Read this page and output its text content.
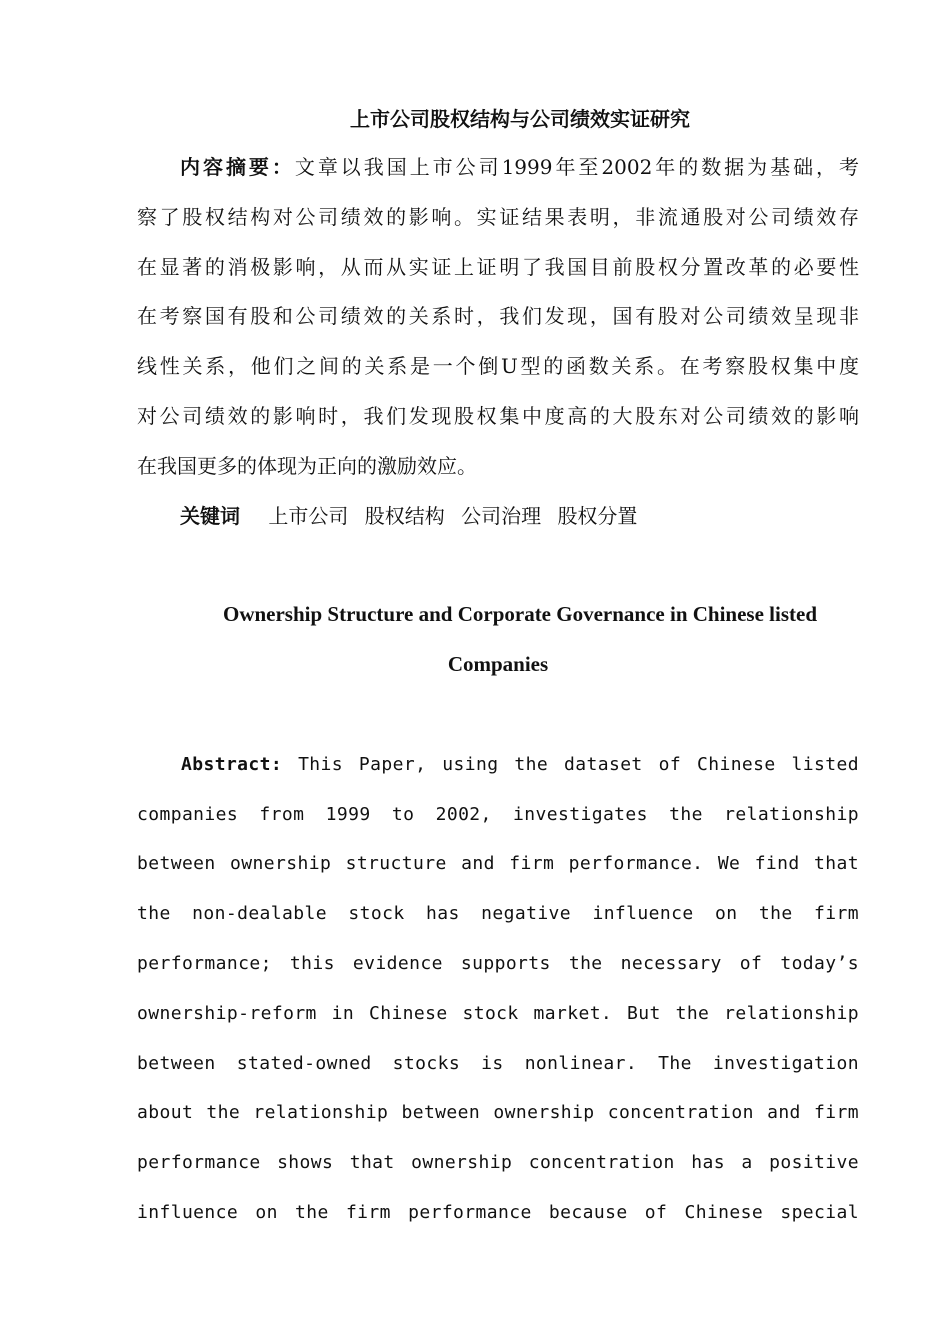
上市公司股权结构与公司绩效实证研究
内容摘要：文章以我国上市公司1999年至2002年的数据为基础，考
察了股权结构对公司绩效的影响。实证结果表明，非流通股对公司绩效存
在显著的消极影响，从而从实证上证明了我国目前股权分置改革的必要性
在考察国有股和公司绩效的关系时，我们发现，国有股对公司绩效呈现非
线性关系，他们之间的关系是一个倒U型的函数关系。在考察股权集中度
对公司绩效的影响时，我们发现股权集中度高的大股东对公司绩效的影响
在我国更多的体现为正向的激励效应。
关键词 上市公司 股权结构 公司治理 股权分置
Ownership Structure and Corporate Governance in Chinese listed
Companies
Abstract: This Paper, using the dataset of Chinese listed
companies from 1999 to 2002, investigates the relationship
between ownership structure and firm performance. We find that
the non-dealable stock has negative influence on the firm
performance; this evidence supports the necessary of today’s
ownership-reform in Chinese stock market. But the relationship
between stated-owned stocks is nonlinear. The investigation
about the relationship between ownership concentration and firm
performance shows that ownership concentration has a positive
influence on the firm performance because of Chinese special
